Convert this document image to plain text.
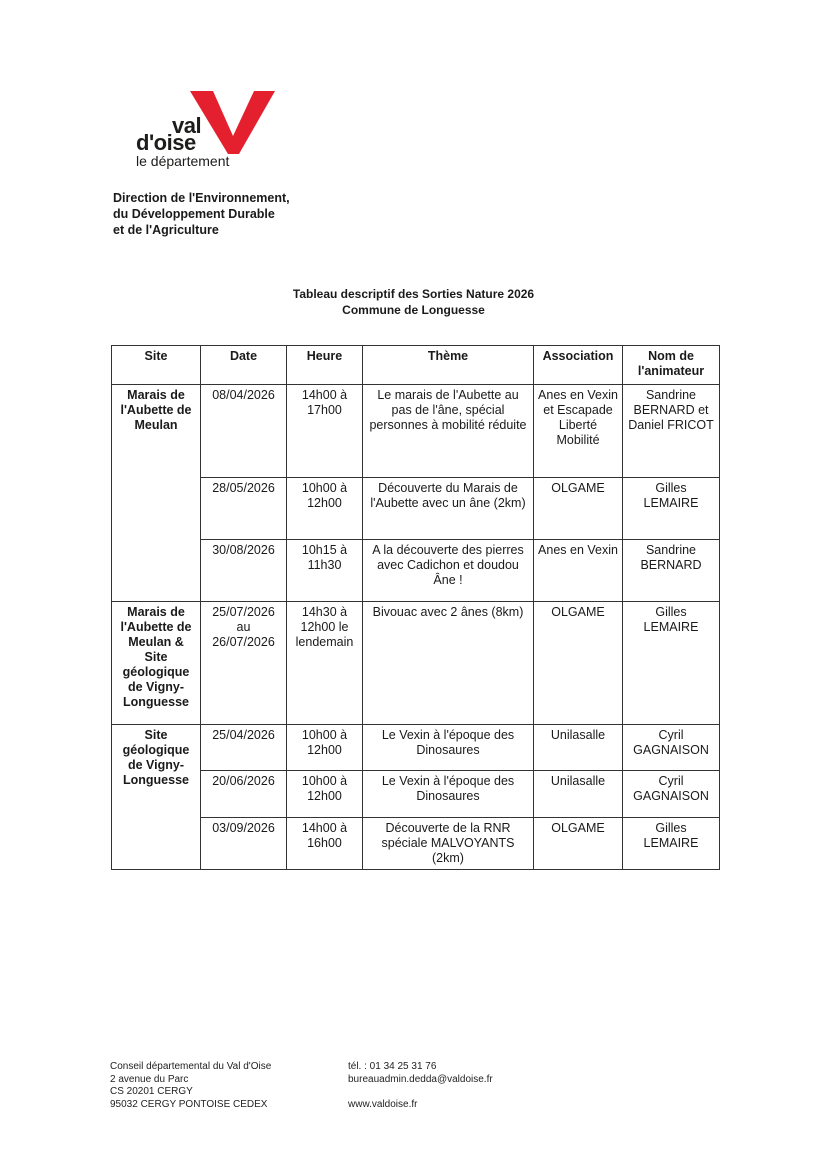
val
d'oise
le département
Direction de l'Environnement,
du Développement Durable
et de l'Agriculture
Tableau descriptif des Sorties Nature 2026
Commune de Longuesse
Site	Date	Heure	Thème	Association	Nom de l'animateur
Marais de l'Aubette de Meulan	08/04/2026	14h00 à 17h00	Le marais de l'Aubette au pas de l'âne, spécial personnes à mobilité réduite	Anes en Vexin et Escapade Liberté Mobilité	Sandrine BERNARD et Daniel FRICOT
	28/05/2026	10h00 à 12h00	Découverte du Marais de l'Aubette avec un âne (2km)	OLGAME	Gilles LEMAIRE
	30/08/2026	10h15 à 11h30	A la découverte des pierres avec Cadichon et doudou Âne !	Anes en Vexin	Sandrine BERNARD
Marais de l'Aubette de Meulan & Site géologique de Vigny-Longuesse	25/07/2026 au 26/07/2026	14h30 à 12h00 le lendemain	Bivouac avec 2 ânes (8km)	OLGAME	Gilles LEMAIRE
Site géologique de Vigny-Longuesse	25/04/2026	10h00 à 12h00	Le Vexin à l'époque des Dinosaures	Unilasalle	Cyril GAGNAISON
	20/06/2026	10h00 à 12h00	Le Vexin à l'époque des Dinosaures	Unilasalle	Cyril GAGNAISON
	03/09/2026	14h00 à 16h00	Découverte de la RNR spéciale MALVOYANTS (2km)	OLGAME	Gilles LEMAIRE
Conseil départemental du Val d'Oise
2 avenue du Parc
CS 20201 CERGY
95032 CERGY PONTOISE CEDEX
tél. : 01 34 25 31 76
bureauadmin.dedda@valdoise.fr
www.valdoise.fr
